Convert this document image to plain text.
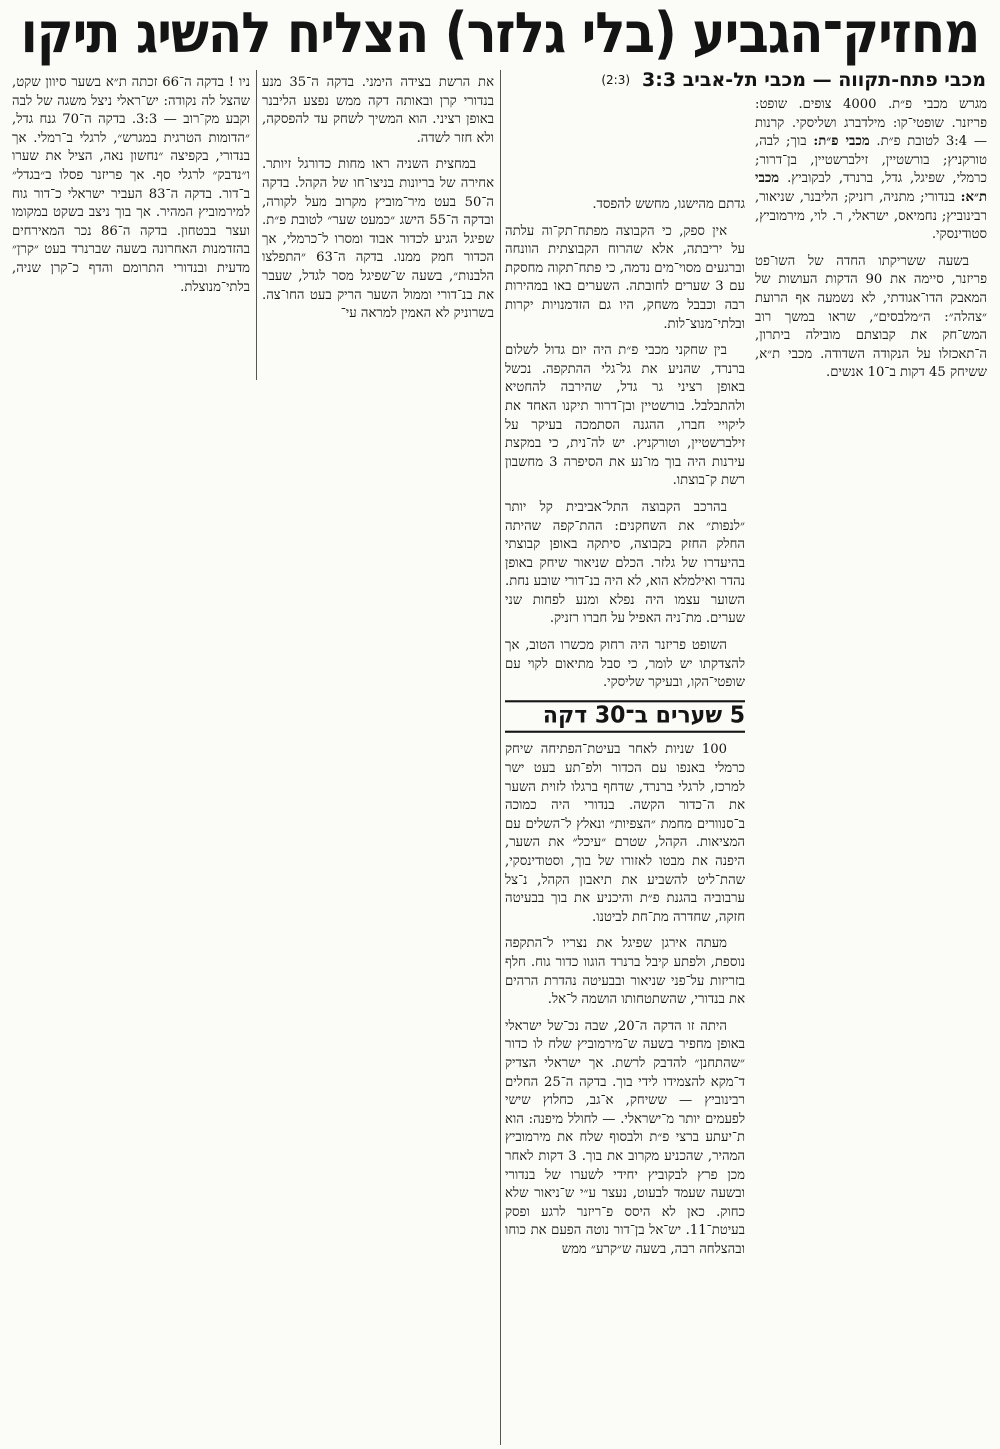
מחזיק־הגביע (בלי גלזר) הצליח להשיג תיקו
מכבי פתח-תקווה — מכבי תל-אביב 3:3
(2:3)
מגרש מכבי פ״ת. 4000 צופים. שופט: פריזנר. שופטי־קו: מילדברג ושליסקי. קרנות — 3:4 לטובת פ״ת. מכבי פ״ת: בוך; לבה, טורקניץ; בורשטיין, זילברשטיין, בן־דרור; כרמלי, שפיגל, גדל, ברנרד, לבקוביץ. מכבי ת״א: בנדורי; מתניה, רזניק; הליבנר, שניאור, רבינוביץ; נחמיאס, ישראלי, ר. לוי, מירמוביץ, סטודינסקי.

בשעה ששריקתו החדה של השו־פט פריזנר, סיימה את 90 הדקות העושות של המאבק הדו־אגודתי, לא נשמעה אף הרועת ״צהלה״: ה״מלבסים״, שראו במשך רוב המש־חק את קבוצתם מובילה ביתרון, ה־תאכזלו על הנקודה השדודה. מכבי ת״א, ששיחק 45 דקות ב־10 אנשים.

גדתם מהישגו, מחשש להפסד.

אין ספק, כי הקבוצה מפתח־תק־וה עלתה על יריבתה, אלא שהרוח הקבוצתית הוונחה וברגעים מסוי־מים נדמה, כי פתח־תקוה מחסקת עם 3 שערים לחובתה. השערים באו במהירות רבה וכבבל משחק, היו גם הזדמנויות יקרות ובלתי־מנוצ־לות.

בין שחקני מכבי פ״ת היה יום גדול לשלום ברנרד, שהניע את גל־גלי ההתקפה. נכשל באופן רציני גר גדל, שהירבה להחטיא ולהתבלבל. בורשטיין ובן־דרור תיקנו האחד את ליקויי חברו, ההגנה הסתמכה בעיקר על זילברשטיין, וטורקניץ. יש לה־נית, כי במקצת עירנות היה בוך מו־נע את הסיפרה 3 מחשבון רשת ק־בוצתו.

בהרכב הקבוצה התל־אביבית קל יותר ״לנפות״ את השחקנים: ההת־קפה שהיתה החלק החזק בקבוצה, סיתקה באופן קבוצתי בהיעדרו של גלזר. הכלם שניאור שיחק באופן נהדר ואילמלא הוא, לא היה בנ־דורי שובע נחת. השוער עצמו היה נפלא ומנע לפחות שני שערים. מת־ניה האפיל על חברו רזניק.

השופט פריזנר היה רחוק מכשרו הטוב, אך להצדקתו יש לומר, כי סבל מתיאום לקוי עם שופטי־הקו, ובעיקר שליסקי.

5 שערים ב־30 דקה

100 שניות לאחר בעיטת־הפתיחה שיחק כרמלי באנפו עם הכדור ולפ־תע בעט ישר למרכז, לרגלי ברנרד, שדחף ברגלו לזוית השער את ה־כדור הקשה. בנדורי היה כמוכה ב־סנוורים מחמת ״הצפיות״ ונאלץ ל־השלים עם המציאות. הקהל, שטרם ״עיכל״ את השער, היפנה את מבטו לאזורו של בוך, וסטודינסקי, שהת־ליט להשביע את תיאבון הקהל, נ־צל ערבוביה בהגנת פ״ת והיכניע את בוך בבעיטה חזקה, שחדרה מת־חת לביטנו.

מעתה אירגן שפיגל את נצריו ל־התקפה נוספת, ולפתע קיבל ברנרד הוגוו כדור גוח. חלף בזריזות על־פני שניאור ובבעיטה נהדרת הרהים את בנדורי, שהשתטחותו הושמה ל־אל.

היתה זו הדקה ה־20, שבה נכ־של ישראלי באופן מחפיר בשעה ש־מירמוביץ שלח לו כדור ״שהתחנן״ להדבק לרשת. אך ישראלי הצדיק ד־מקא להצמידו לידי בוך. בדקה ה־25 החלים רבינוביץ — ששיחק, א־גב, כחלוץ שישי לפעמים יותר מ־ישראלי. — לחולל מיפנה: הוא ת־יעתע ברצי פ״ת ולבסוף שלח את מירמוביץ המהיר, שהכניע מקרוב את בוך. 3 דקות לאחר מכן פרץ לבקוביץ יחידי לשערו של בנדורי ובשעה שעמד לבעוט, נעצר ע״י ש־ניאור שלא כחוק. כאן לא היסס פ־ריזנר לרגע ופסק בעיטת־11. יש־אל בן־דור נוטה הפעם את כוחו ובהצלחה רבה, בשעה ש״קרע״ ממש

את הרשת בצידה הימני. בדקה ה־35 מנע בנדורי קרן ובאותה דקה ממש נפצע הליבנר באופן רציני. הוא המשיך לשחק עד להפסקה, ולא חזר לשדה.

במחצית השניה ראו מחות כדורגל זיותר. אחירה של בריונות בניצו־חו של הקהל. בדקה ה־50 בעט מיר־מוביץ מקרוב מעל לקורה, ובדקה ה־55 הישג ״כמעט שער״ לטובת פ״ת. שפיגל הגיע לכדור אבוד ומסרו ל־כרמלי, אך הכדור חמק ממנו. בדקה ה־63 ״התפלצו הלבנות״, בשעה ש־שפיגל מסר לגדל, שעבר את בנ־דורי וממול השער הריק בעט החו־צה. בשרוניק לא האמין למראה עי־

ניו ! בדקה ה־66 זכתה ת״א בשער סיוון שקט, שהצל לה נקודה: יש־ראלי ניצל משגה של לבה וקבע מק־רוב — 3:3. בדקה ה־70 גנח גדל, ״הדומות הטרגית במגרש״, לרגלי ב־רמלי. אך בנדורי, בקפיצה ״נחשון נאה, הציל את שערו ו״נדבק״ לרגלי סף. אך פריזנר פסלו ב״בגדל״ ב־דור. בדקה ה־83 העביר ישראלי כ־דור גוח למירמוביץ המהיר. אך בוך ניצב בשקט במקומו ועצר בבטחון. בדקה ה־86 נכר המאירחים בהזדמנות האחרונה בשעה שברנרד בעט ״קרן״ מדעית ובנדורי התרומם והדף כ־קרן שניה, בלתי־מנוצלת.
